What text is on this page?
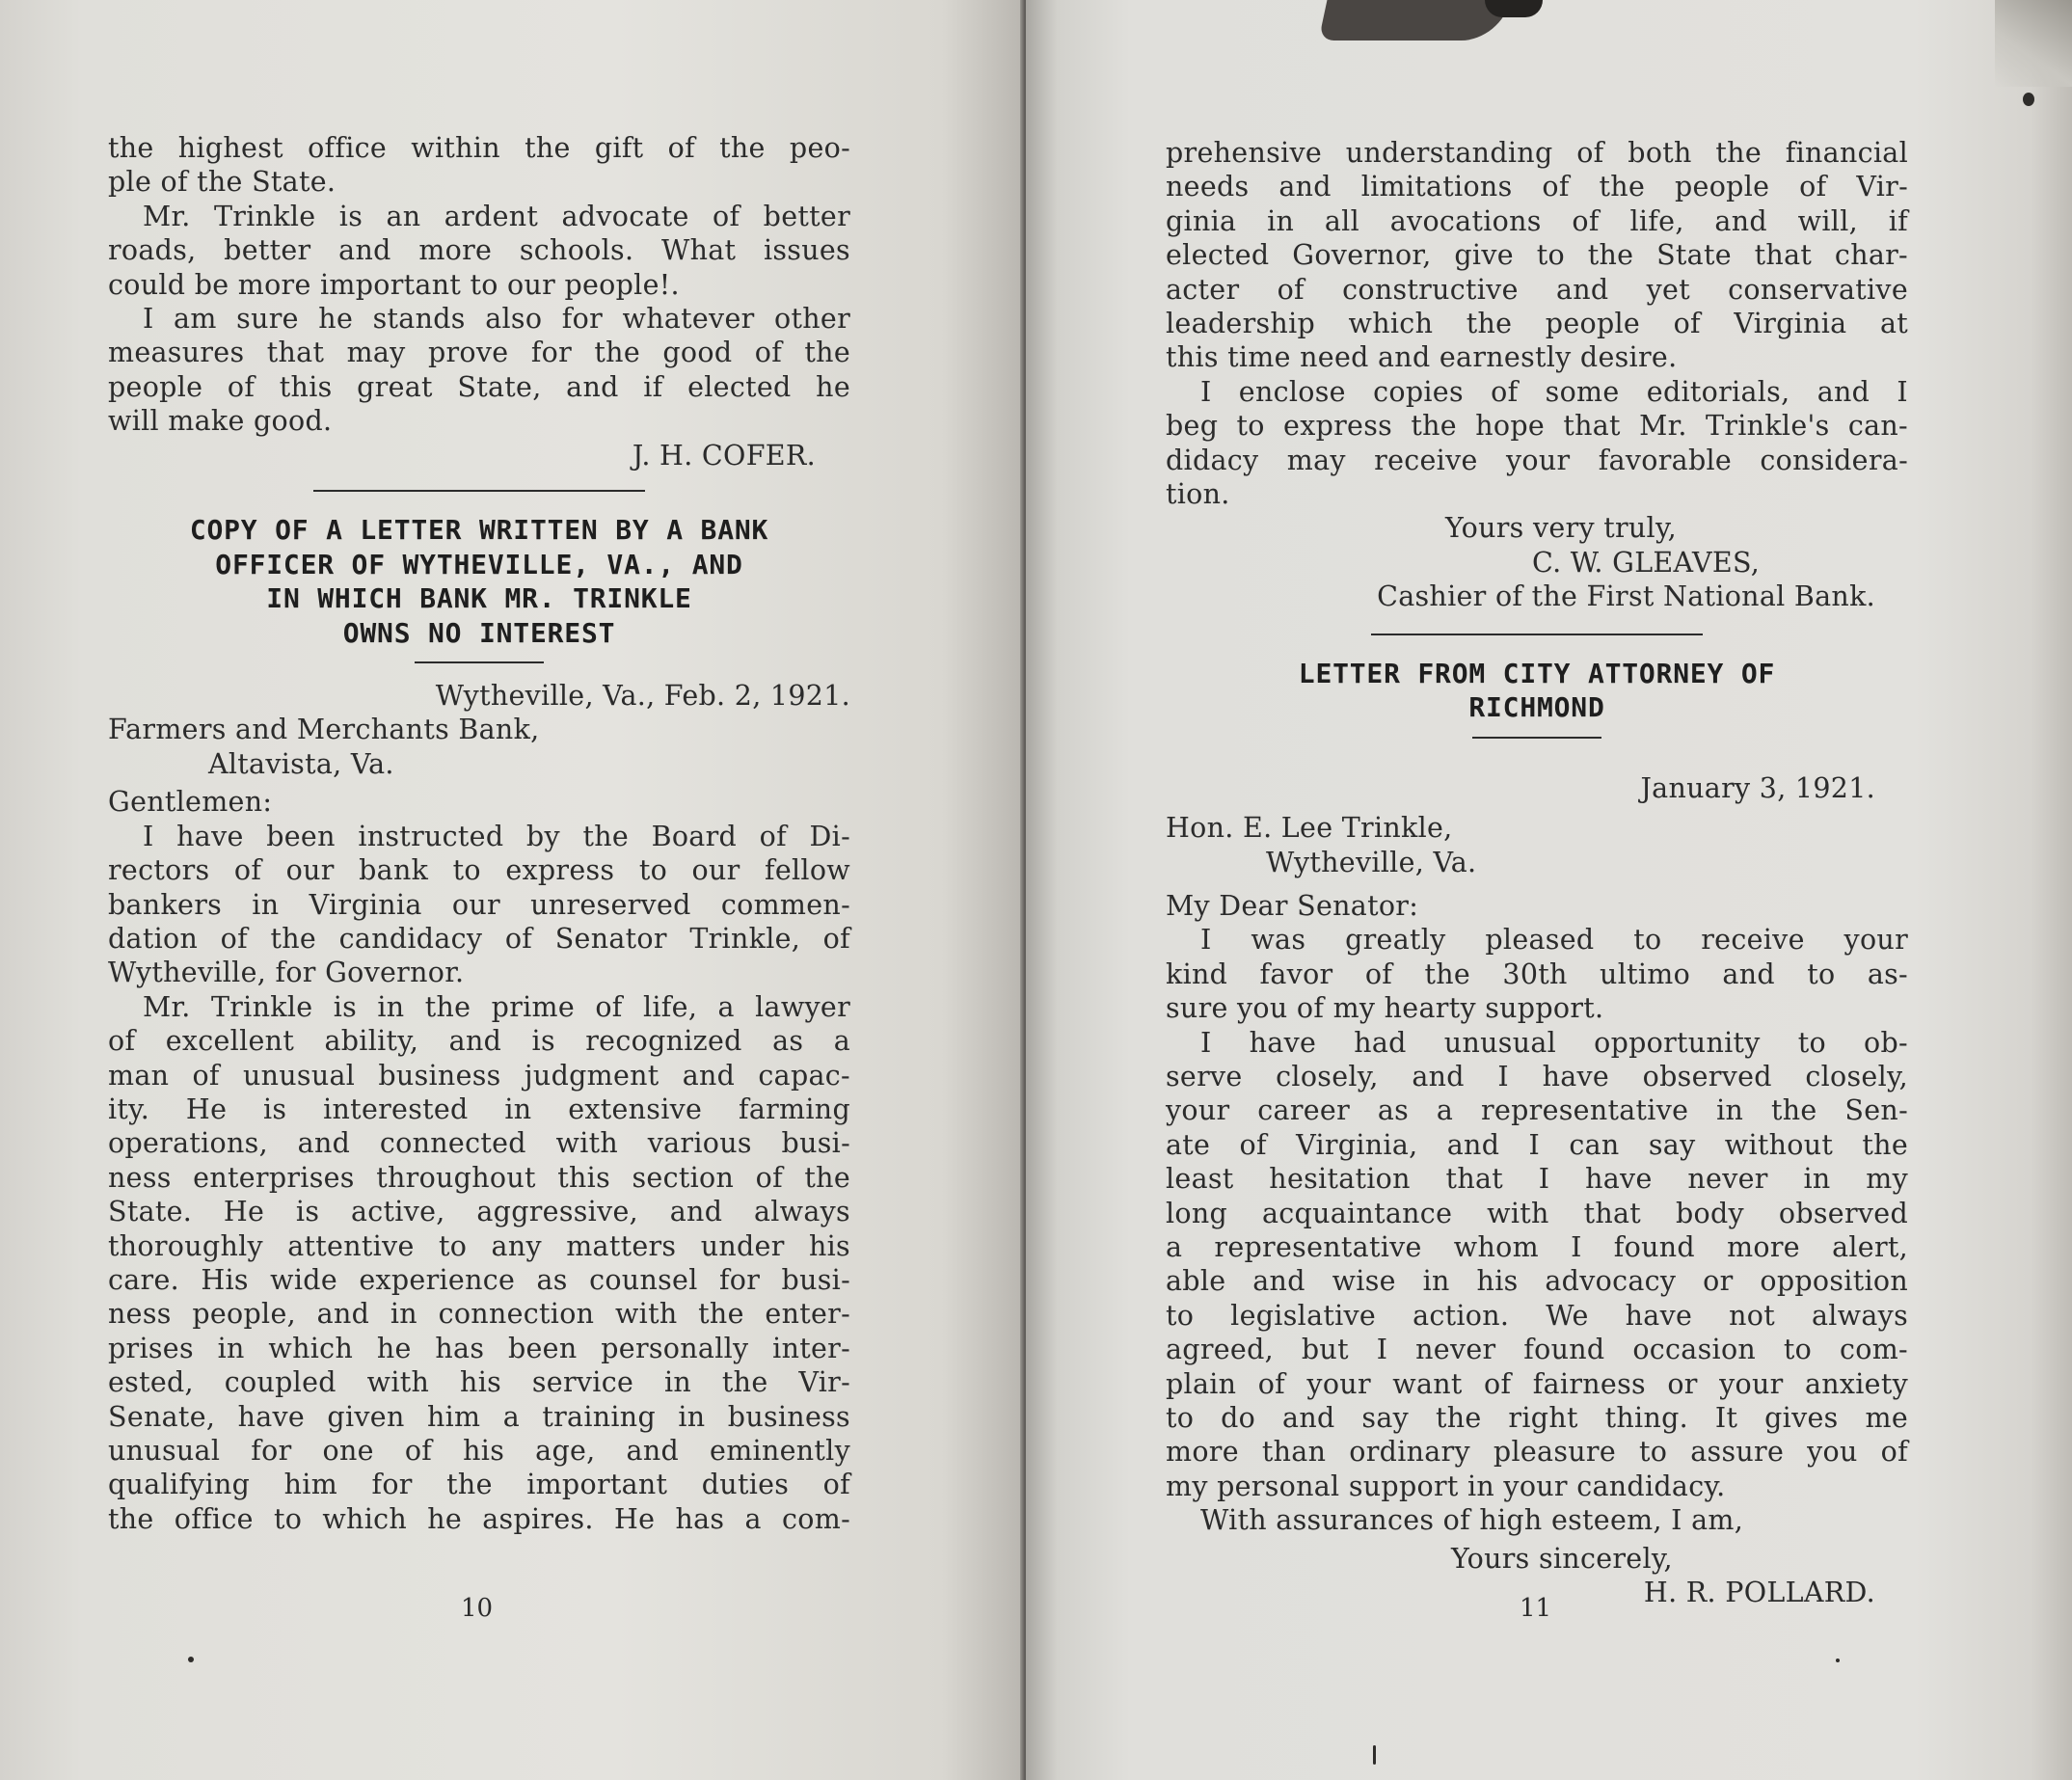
the highest office within the gift of the peo-

ple of the State.

Mr. Trinkle is an ardent advocate of better

roads, better and more schools. What issues

could be more important to our people!.

I am sure he stands also for whatever other

measures that may prove for the good of the

people of this great State, and if elected he

will make good.

J. H. COFER.

COPY OF A LETTER WRITTEN BY A BANK
OFFICER OF WYTHEVILLE, VA., AND
IN WHICH BANK MR. TRINKLE
OWNS NO INTEREST

Wytheville, Va., Feb. 2, 1921.

Farmers and Merchants Bank,

Altavista, Va.

Gentlemen:

I have been instructed by the Board of Di-

rectors of our bank to express to our fellow

bankers in Virginia our unreserved commen-

dation of the candidacy of Senator Trinkle, of

Wytheville, for Governor.

Mr. Trinkle is in the prime of life, a lawyer

of excellent ability, and is recognized as a

man of unusual business judgment and capac-

ity. He is interested in extensive farming

operations, and connected with various busi-

ness enterprises throughout this section of the

State. He is active, aggressive, and always

thoroughly attentive to any matters under his

care. His wide experience as counsel for busi-

ness people, and in connection with the enter-

prises in which he has been personally inter-

ested, coupled with his service in the Vir-

Senate, have given him a training in business

unusual for one of his age, and eminently

qualifying him for the important duties of

the office to which he aspires. He has a com-

10

prehensive understanding of both the financial

needs and limitations of the people of Vir-

ginia in all avocations of life, and will, if

elected Governor, give to the State that char-

acter of constructive and yet conservative

leadership which the people of Virginia at

this time need and earnestly desire.

I enclose copies of some editorials, and I

beg to express the hope that Mr. Trinkle's can-

didacy may receive your favorable considera-

tion.

Yours very truly,

C. W. GLEAVES,

Cashier of the First National Bank.

LETTER FROM CITY ATTORNEY OF
RICHMOND

January 3, 1921.

Hon. E. Lee Trinkle,

Wytheville, Va.

My Dear Senator:

I was greatly pleased to receive your

kind favor of the 30th ultimo and to as-

sure you of my hearty support.

I have had unusual opportunity to ob-

serve closely, and I have observed closely,

your career as a representative in the Sen-

ate of Virginia, and I can say without the

least hesitation that I have never in my

long acquaintance with that body observed

a representative whom I found more alert,

able and wise in his advocacy or opposition

to legislative action. We have not always

agreed, but I never found occasion to com-

plain of your want of fairness or your anxiety

to do and say the right thing. It gives me

more than ordinary pleasure to assure you of

my personal support in your candidacy.

With assurances of high esteem, I am,

Yours sincerely,

H. R. POLLARD.

11
